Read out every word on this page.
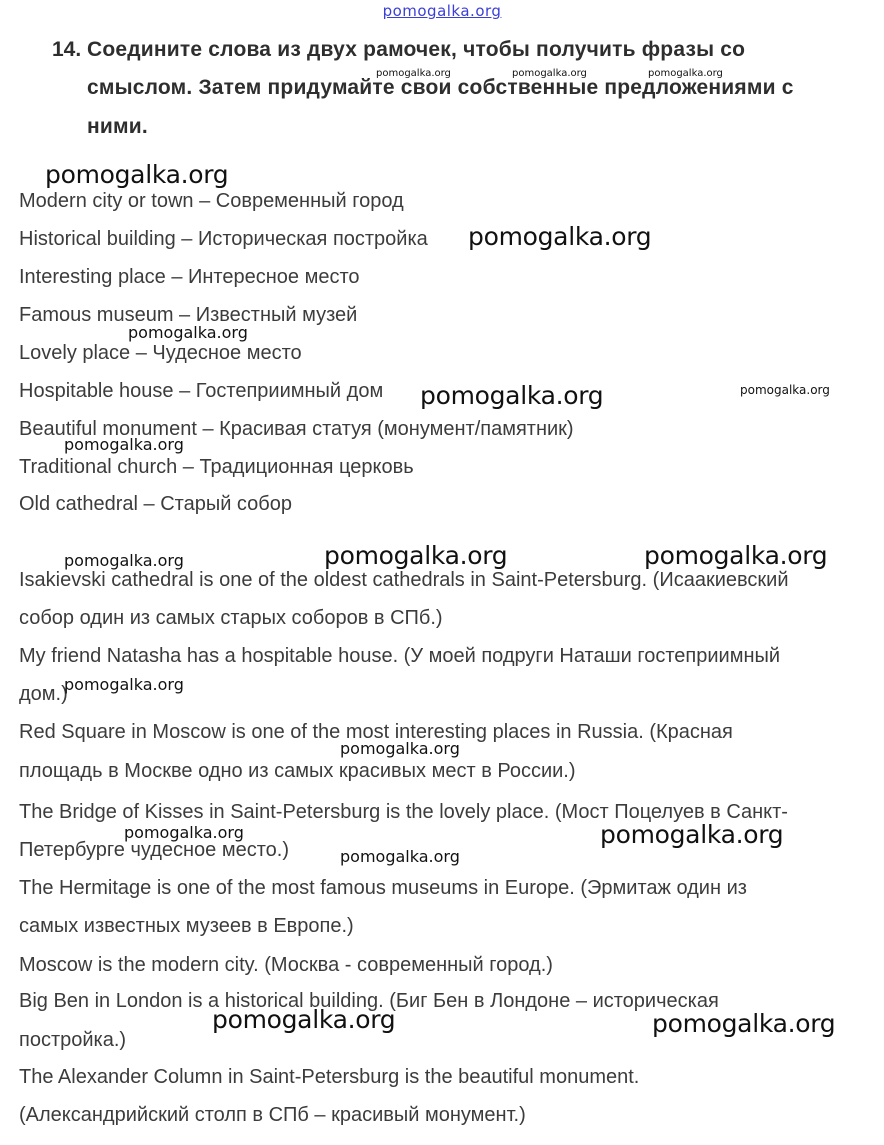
pomogalka.org
14. Соедините слова из двух рамочек, чтобы получить фразы со
смыслом. Затем придумайте свои собственные предложениями с
ними.
Modern city or town – Современный город
Historical building – Историческая постройка
Interesting place – Интересное место
Famous museum – Известный музей
Lovely place – Чудесное место
Hospitable house – Гостеприимный дом
Beautiful monument – Красивая статуя (монумент/памятник)
Traditional church – Традиционная церковь
Old cathedral – Старый собор
Isakievski cathedral is one of the oldest cathedrals in Saint-Petersburg. (Исаакиевский
собор один из самых старых соборов в СПб.)
My friend Natasha has a hospitable house. (У моей подруги Наташи гостеприимный
дом.)
Red Square in Moscow is one of the most interesting places in Russia. (Красная
площадь в Москве одно из самых красивых мест в России.)
The Bridge of Kisses in Saint-Petersburg is the lovely place. (Мост Поцелуев в Санкт-
Петербурге чудесное место.)
The Hermitage is one of the most famous museums in Europe. (Эрмитаж один из
самых известных музеев в Европе.)
Moscow is the modern city. (Москва - современный город.)
Big Ben in London is a historical building. (Биг Бен в Лондоне – историческая
постройка.)
The Alexander Column in Saint-Petersburg is the beautiful monument.
(Александрийский столп в СПб – красивый монумент.)
pomogalka.org	pomogalka.org	pomogalka.org
pomogalka.org
pomogalka.org
pomogalka.org
pomogalka.org	pomogalka.org
pomogalka.org
pomogalka.org	pomogalka.org	pomogalka.org
pomogalka.org
pomogalka.org
pomogalka.org	pomogalka.org
pomogalka.org
pomogalka.org	pomogalka.org
